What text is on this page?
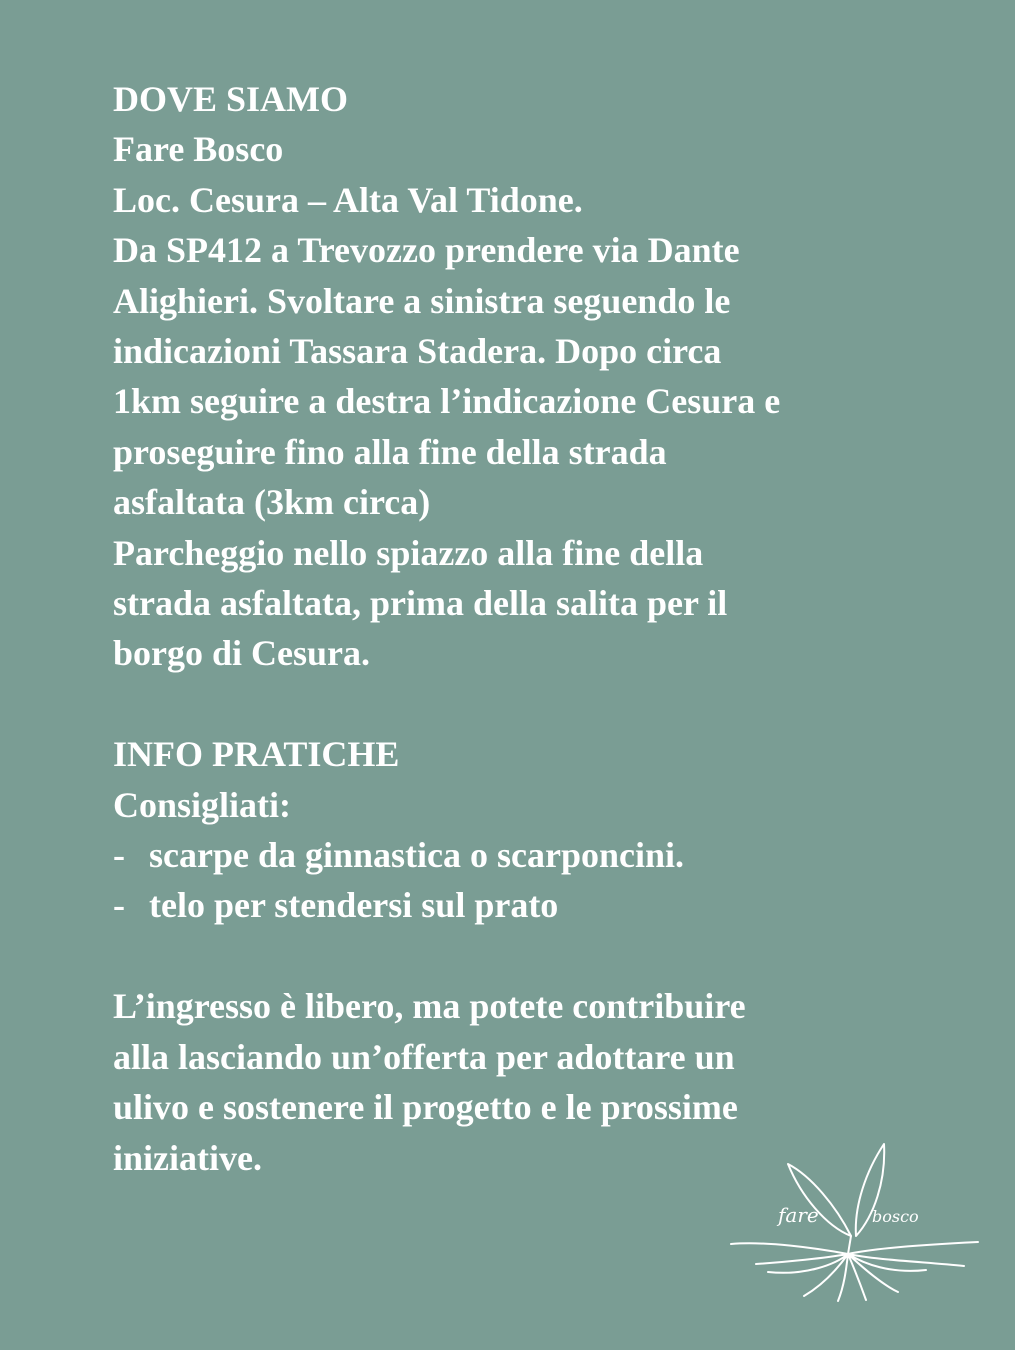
DOVE SIAMO
Fare Bosco
Loc. Cesura – Alta Val Tidone.
Da SP412 a Trevozzo prendere via Dante
Alighieri. Svoltare a sinistra seguendo le
indicazioni Tassara Stadera. Dopo circa
1km seguire a destra l’indicazione Cesura e
proseguire fino alla fine della strada
asfaltata (3km circa)
Parcheggio nello spiazzo alla fine della
strada asfaltata, prima della salita per il
borgo di Cesura.
INFO PRATICHE
Consigliati:
- scarpe da ginnastica o scarponcini.
- telo per stendersi sul prato
L’ingresso è libero, ma potete contribuire
alla lasciando un’offerta per adottare un
ulivo e sostenere il progetto e le prossime
iniziative.
fare	bosco
